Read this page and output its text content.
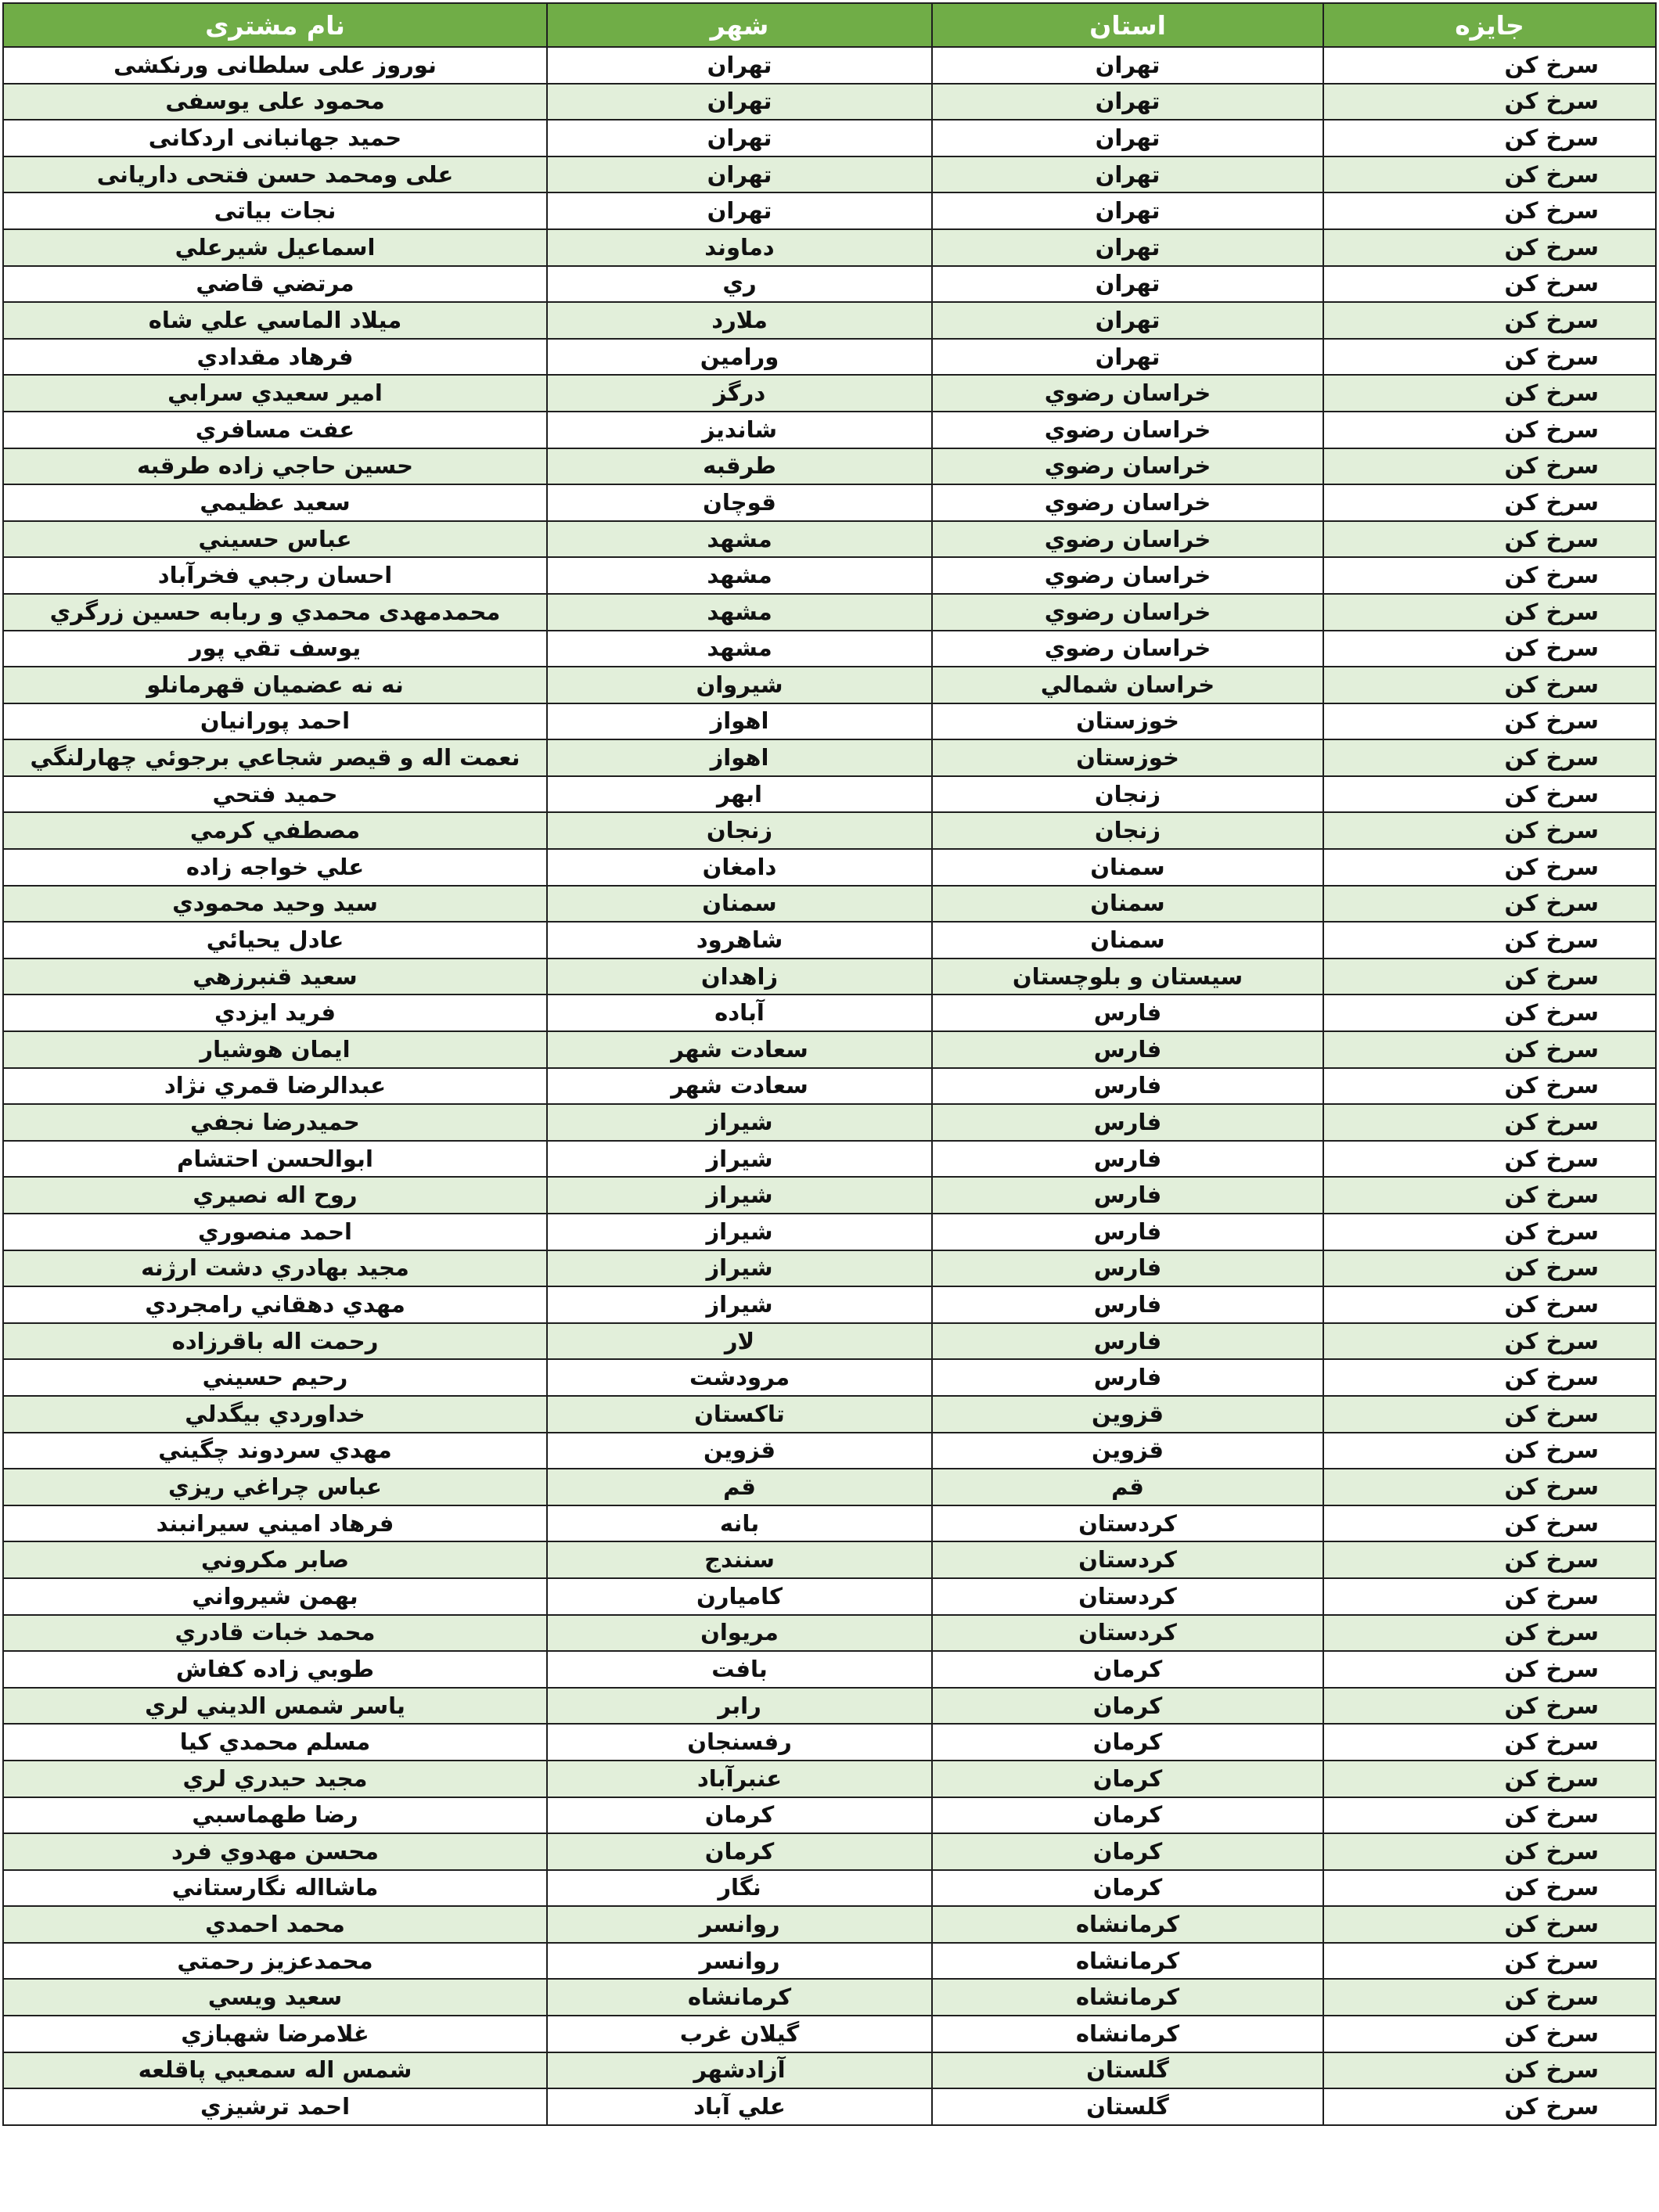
جایزه	استان	شهر	نام مشتری
سرخ کن	تهران	تهران	نوروز علی سلطانی ورنکشی
سرخ کن	تهران	تهران	محمود علی یوسفی
سرخ کن	تهران	تهران	حمید جهانبانی اردکانی
سرخ کن	تهران	تهران	علی ومحمد حسن فتحی داریانی
سرخ کن	تهران	تهران	نجات بیاتی
سرخ کن	تهران	دماوند	اسماعیل شیرعلي
سرخ کن	تهران	ري	مرتضي قاضي
سرخ کن	تهران	ملارد	ميلاد الماسي علي شاه
سرخ کن	تهران	ورامين	فرهاد مقدادي
سرخ کن	خراسان رضوي	درگز	امير سعيدي سرابي
سرخ کن	خراسان رضوي	شانديز	عفت مسافري
سرخ کن	خراسان رضوي	طرقبه	حسين حاجي زاده طرقبه
سرخ کن	خراسان رضوي	قوچان	سعيد عظيمي
سرخ کن	خراسان رضوي	مشهد	عباس حسيني
سرخ کن	خراسان رضوي	مشهد	احسان رجبي فخرآباد
سرخ کن	خراسان رضوي	مشهد	محمدمهدی محمدي و ربابه حسين زرگري
سرخ کن	خراسان رضوي	مشهد	يوسف تقي پور
سرخ کن	خراسان شمالي	شيروان	نه نه عضميان قهرمانلو
سرخ کن	خوزستان	اهواز	احمد پورانيان
سرخ کن	خوزستان	اهواز	نعمت اله و قيصر شجاعي برجوئي چهارلنگي
سرخ کن	زنجان	ابهر	حميد فتحي
سرخ کن	زنجان	زنجان	مصطفي كرمي
سرخ کن	سمنان	دامغان	علي خواجه زاده
سرخ کن	سمنان	سمنان	سيد وحيد محمودي
سرخ کن	سمنان	شاهرود	عادل يحيائي
سرخ کن	سيستان و بلوچستان	زاهدان	سعيد قنبرزهي
سرخ کن	فارس	آباده	فريد ايزدي
سرخ کن	فارس	سعادت شهر	ايمان هوشيار
سرخ کن	فارس	سعادت شهر	عبدالرضا قمري نژاد
سرخ کن	فارس	شيراز	حميدرضا نجفي
سرخ کن	فارس	شيراز	ابوالحسن احتشام
سرخ کن	فارس	شيراز	روح اله نصيري
سرخ کن	فارس	شيراز	احمد منصوري
سرخ کن	فارس	شيراز	مجيد بهادري دشت ارژنه
سرخ کن	فارس	شيراز	مهدي دهقاني رامجردي
سرخ کن	فارس	لار	رحمت اله باقرزاده
سرخ کن	فارس	مرودشت	رحيم حسيني
سرخ کن	قزوين	تاكستان	خداوردي بيگدلي
سرخ کن	قزوين	قزوين	مهدي سردوند چگيني
سرخ کن	قم	قم	عباس چراغي ريزي
سرخ کن	كردستان	بانه	فرهاد اميني سيرانبند
سرخ کن	كردستان	سنندج	صابر مكروني
سرخ کن	كردستان	كاميارن	بهمن شيرواني
سرخ کن	كردستان	مريوان	محمد خبات قادري
سرخ کن	كرمان	بافت	طوبي زاده كفاش
سرخ کن	كرمان	رابر	ياسر شمس الديني لري
سرخ کن	كرمان	رفسنجان	مسلم محمدي كيا
سرخ کن	كرمان	عنبرآباد	مجيد حيدري لري
سرخ کن	كرمان	كرمان	رضا طهماسبي
سرخ کن	كرمان	كرمان	محسن مهدوي فرد
سرخ کن	كرمان	نگار	ماشااله نگارستاني
سرخ کن	كرمانشاه	روانسر	محمد احمدي
سرخ کن	كرمانشاه	روانسر	محمدعزيز رحمتي
سرخ کن	كرمانشاه	كرمانشاه	سعيد ويسي
سرخ کن	كرمانشاه	گيلان غرب	غلامرضا شهبازي
سرخ کن	گلستان	آزادشهر	شمس اله سمعيي پاقلعه
سرخ کن	گلستان	علي آباد	احمد ترشيزي
